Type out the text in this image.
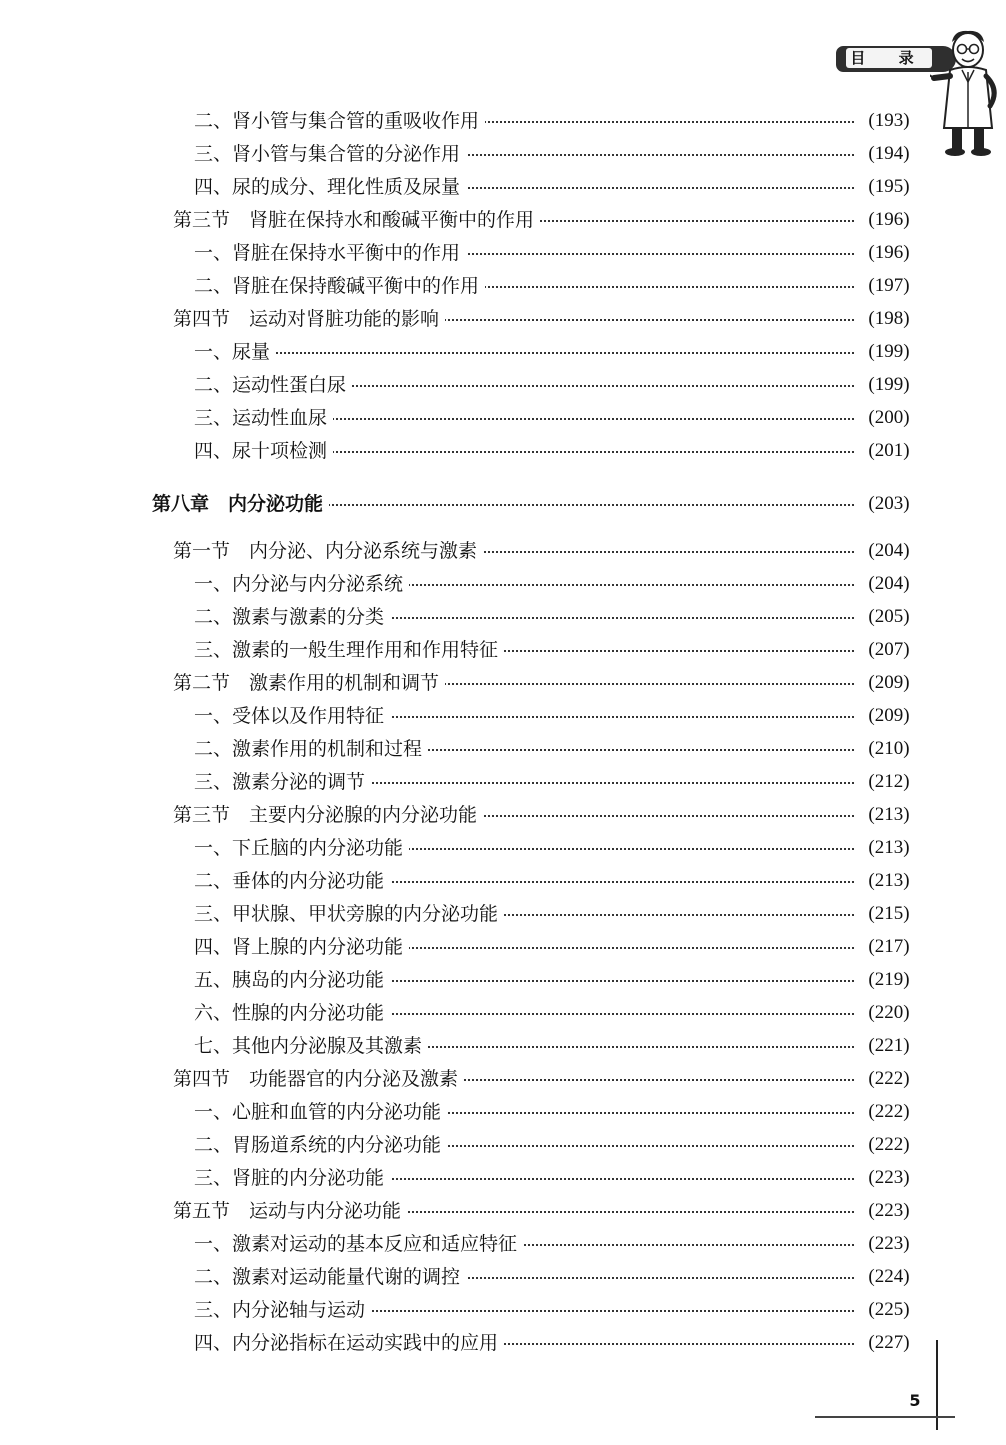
目 录
二、肾小管与集合管的重吸收作用	(193)
三、肾小管与集合管的分泌作用	(194)
四、尿的成分、理化性质及尿量	(195)
第三节　肾脏在保持水和酸碱平衡中的作用	(196)
一、肾脏在保持水平衡中的作用	(196)
二、肾脏在保持酸碱平衡中的作用	(197)
第四节　运动对肾脏功能的影响	(198)
一、尿量	(199)
二、运动性蛋白尿	(199)
三、运动性血尿	(200)
四、尿十项检测	(201)
第八章　内分泌功能	(203)
第一节　内分泌、内分泌系统与激素	(204)
一、内分泌与内分泌系统	(204)
二、激素与激素的分类	(205)
三、激素的一般生理作用和作用特征	(207)
第二节　激素作用的机制和调节	(209)
一、受体以及作用特征	(209)
二、激素作用的机制和过程	(210)
三、激素分泌的调节	(212)
第三节　主要内分泌腺的内分泌功能	(213)
一、下丘脑的内分泌功能	(213)
二、垂体的内分泌功能	(213)
三、甲状腺、甲状旁腺的内分泌功能	(215)
四、肾上腺的内分泌功能	(217)
五、胰岛的内分泌功能	(219)
六、性腺的内分泌功能	(220)
七、其他内分泌腺及其激素	(221)
第四节　功能器官的内分泌及激素	(222)
一、心脏和血管的内分泌功能	(222)
二、胃肠道系统的内分泌功能	(222)
三、肾脏的内分泌功能	(223)
第五节　运动与内分泌功能	(223)
一、激素对运动的基本反应和适应特征	(223)
二、激素对运动能量代谢的调控	(224)
三、内分泌轴与运动	(225)
四、内分泌指标在运动实践中的应用	(227)
5
